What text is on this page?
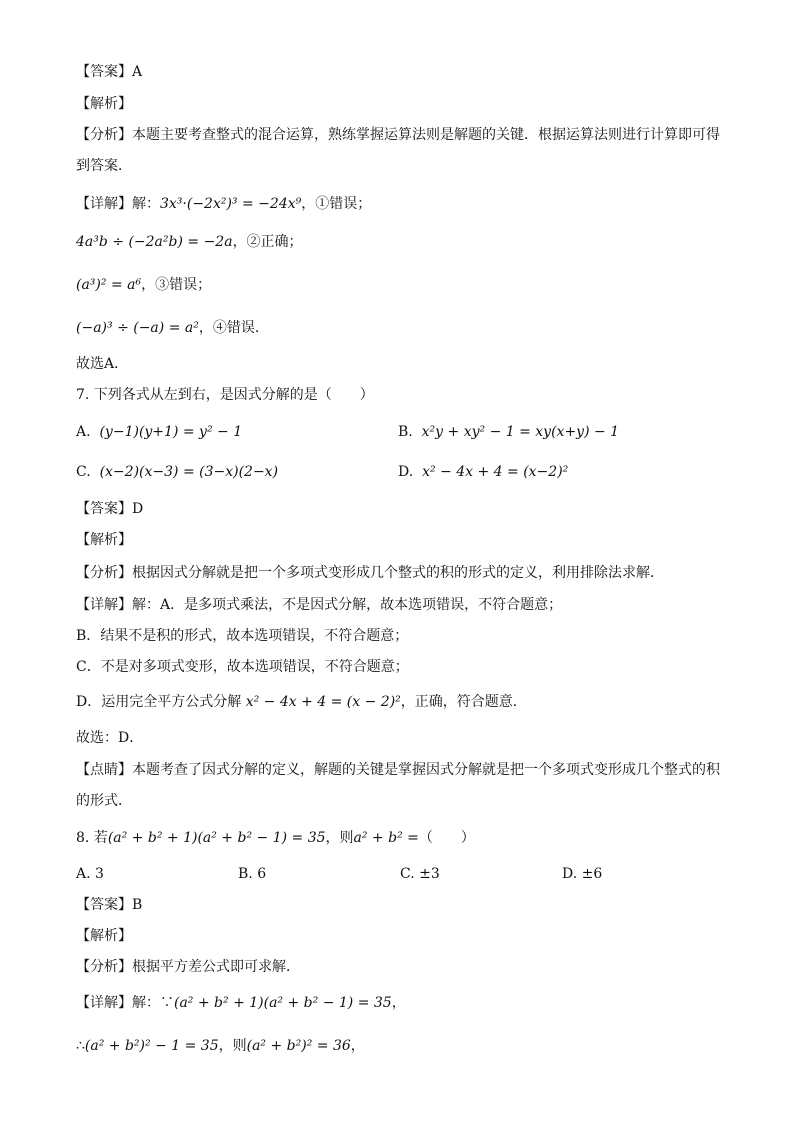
【答案】A
【解析】
【分析】本题主要考查整式的混合运算，熟练掌握运算法则是解题的关键．根据运算法则进行计算即可得到答案．
【详解】解：3x³·(−2x²)³ = −24x⁹，①错误；
4a³b ÷ (−2a²b) = −2a，②正确；
(a³)² = a⁶，③错误；
(−a)³ ÷ (−a) = a²，④错误．
故选A．
7. 下列各式从左到右，是因式分解的是（　　）
A. (y−1)(y+1) = y² − 1	B. x²y + xy² − 1 = xy(x+y) − 1
C. (x−2)(x−3) = (3−x)(2−x)	D. x² − 4x + 4 = (x−2)²
【答案】D
【解析】
【分析】根据因式分解就是把一个多项式变形成几个整式的积的形式的定义，利用排除法求解．
【详解】解：A．是多项式乘法，不是因式分解，故本选项错误，不符合题意；
B．结果不是积的形式，故本选项错误，不符合题意；
C．不是对多项式变形，故本选项错误，不符合题意；
D．运用完全平方公式分解 x² − 4x + 4 = (x − 2)²，正确，符合题意．
故选：D．
【点睛】本题考查了因式分解的定义，解题的关键是掌握因式分解就是把一个多项式变形成几个整式的积的形式．
8. 若(a² + b² + 1)(a² + b² − 1) = 35，则a² + b² =（　　）
A. 3	B. 6	C. ±3	D. ±6
【答案】B
【解析】
【分析】根据平方差公式即可求解．
【详解】解：∵(a² + b² + 1)(a² + b² − 1) = 35，
∴(a² + b²)² − 1 = 35，则(a² + b²)² = 36，
